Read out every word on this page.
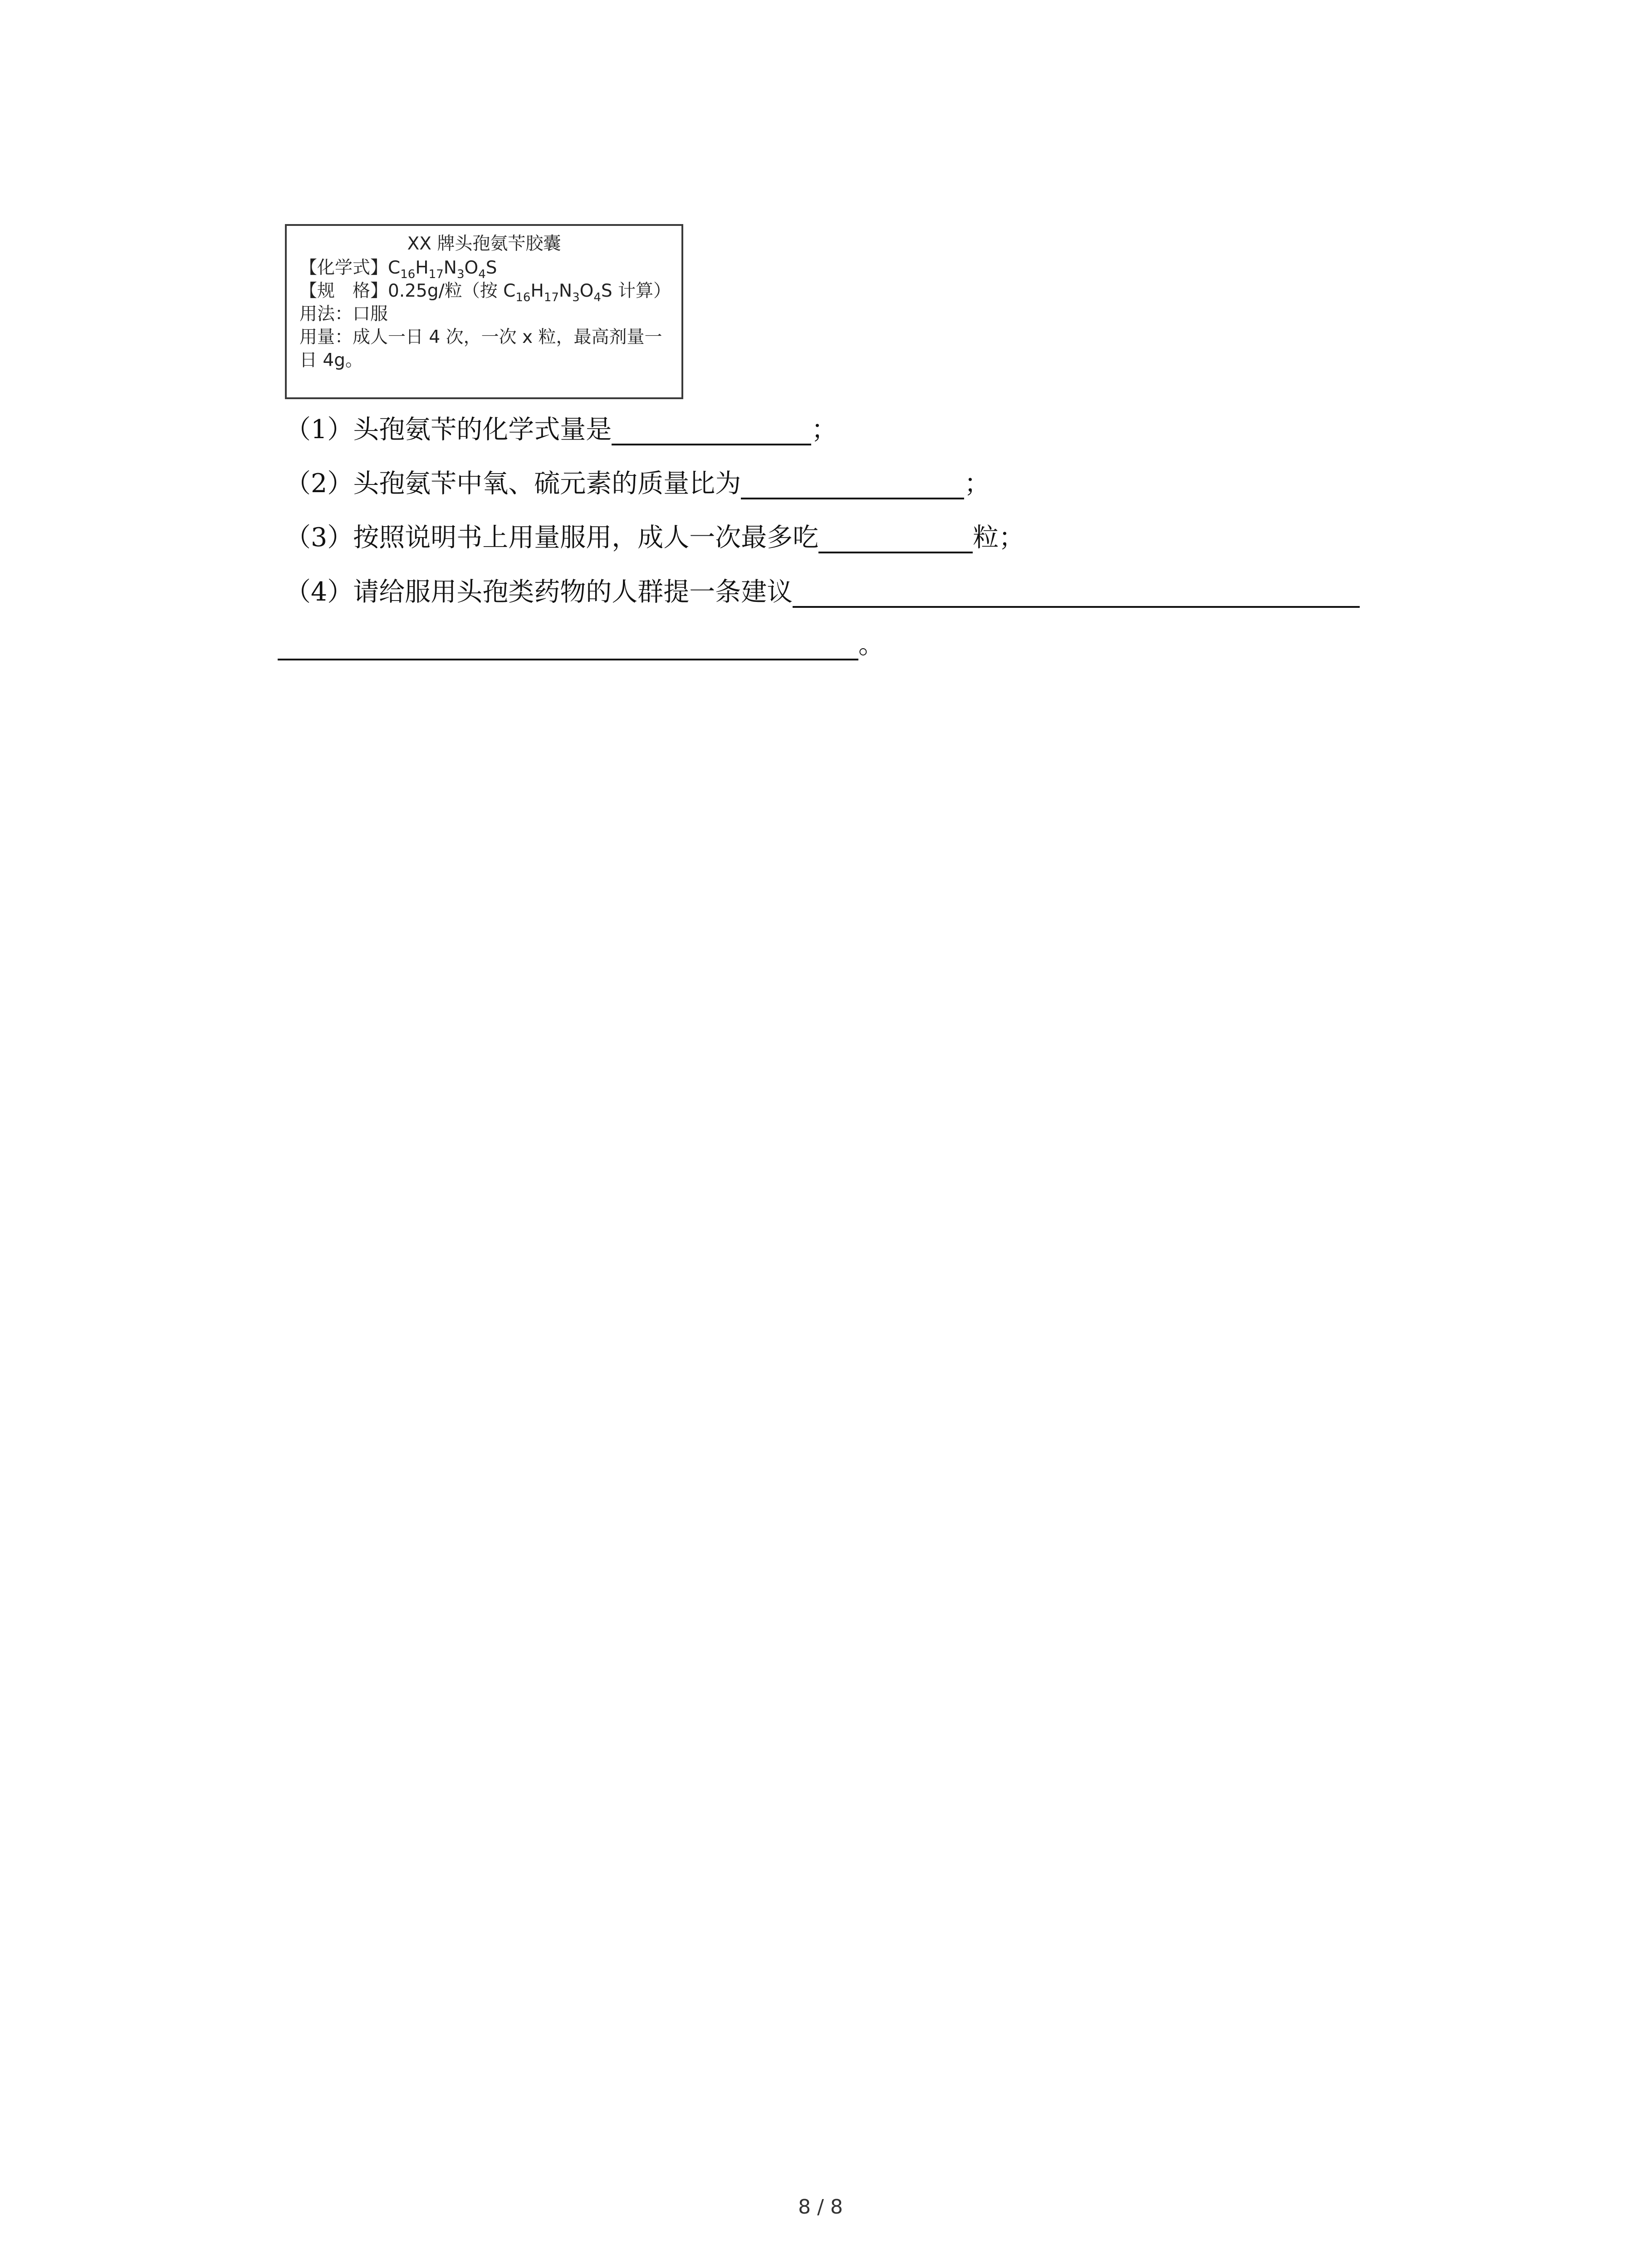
XX 牌头孢氨苄胶囊
【化学式】$C_{16}H_{17}N_3O_4S$
【规　格】0.25g/粒（按 $C_{16}H_{17}N_3O_4S$ 计算）
用法：口服
用量：成人一日 4 次，一次 x 粒，最高剂量一
日 4g。
（1）头孢氨苄的化学式量是	；
（2）头孢氨苄中氧、硫元素的质量比为	；
（3）按照说明书上用量服用，成人一次最多吃	粒；
（4）请给服用头孢类药物的人群提一条建议
。
8 / 8
